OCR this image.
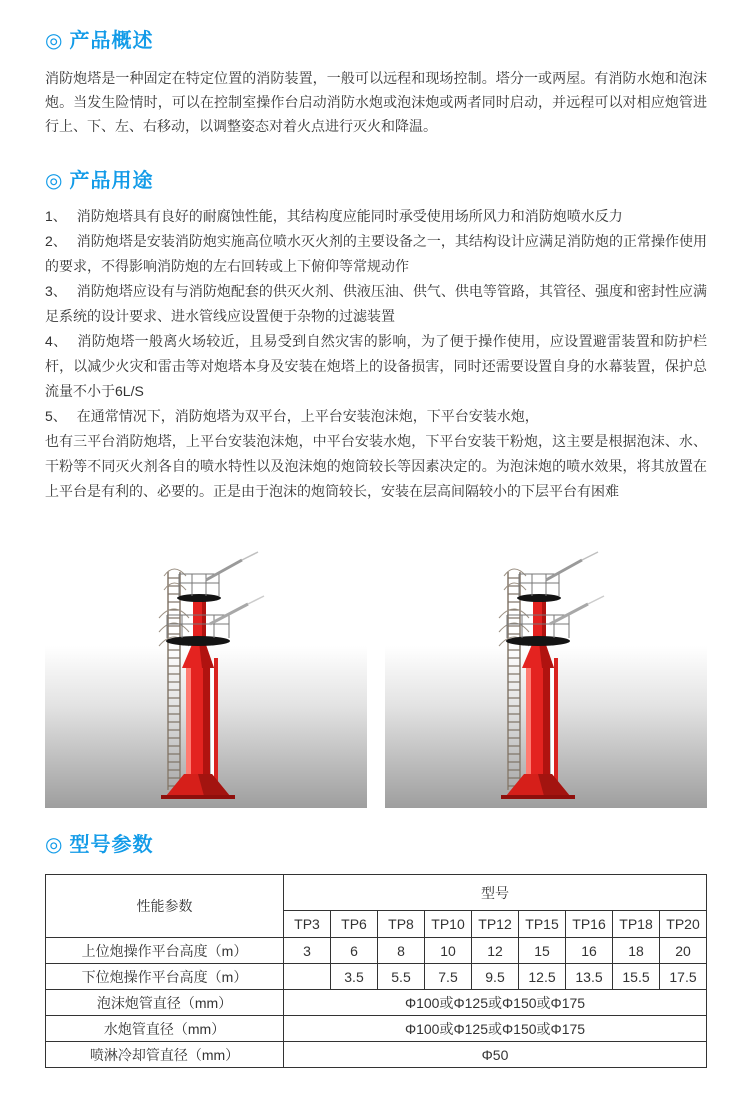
◎ 产品概述

消防炮塔是一种固定在特定位置的消防装置，一般可以远程和现场控制。塔分一或两屋。有消防水炮和泡沫炮。当发生险情时，可以在控制室操作台启动消防水炮或泡沫炮或两者同时启动，并远程可以对相应炮管进行上、下、左、右移动，以调整姿态对着火点进行灭火和降温。

◎ 产品用途

1、 消防炮塔具有良好的耐腐蚀性能，其结构度应能同时承受使用场所风力和消防炮喷水反力

2、 消防炮塔是安装消防炮实施高位喷水灭火剂的主要设备之一，其结构设计应满足消防炮的正常操作使用的要求，不得影响消防炮的左右回转或上下俯仰等常规动作

3、 消防炮塔应设有与消防炮配套的供灭火剂、供液压油、供气、供电等管路，其管径、强度和密封性应满足系统的设计要求、进水管线应设置便于杂物的过滤装置

4、 消防炮塔一般离火场较近，且易受到自然灾害的影响，为了便于操作使用，应设置避雷装置和防护栏杆，以减少火灾和雷击等对炮塔本身及安装在炮塔上的设备损害，同时还需要设置自身的水幕装置，保护总流量不小于6L/S

5、 在通常情况下，消防炮塔为双平台，上平台安装泡沫炮，下平台安装水炮，

也有三平台消防炮塔，上平台安装泡沫炮，中平台安装水炮，下平台安装干粉炮，这主要是根据泡沫、水、干粉等不同灭火剂各自的喷水特性以及泡沫炮的炮筒较长等因素决定的。为泡沫炮的喷水效果，将其放置在上平台是有利的、必要的。正是由于泡沫的炮筒较长，安装在层高间隔较小的下层平台有困难

◎ 型号参数
性能参数	型号								
	TP3	TP6	TP8	TP10	TP12	TP15	TP16	TP18	TP20
上位炮操作平台高度（m）	3	6	8	10	12	15	16	18	20
下位炮操作平台高度（m）		3.5	5.5	7.5	9.5	12.5	13.5	15.5	17.5
泡沫炮管直径（mm）	Φ100或Φ125或Φ150或Φ175								
水炮管直径（mm）	Φ100或Φ125或Φ150或Φ175								
喷淋冷却管直径（mm）	Φ50								
